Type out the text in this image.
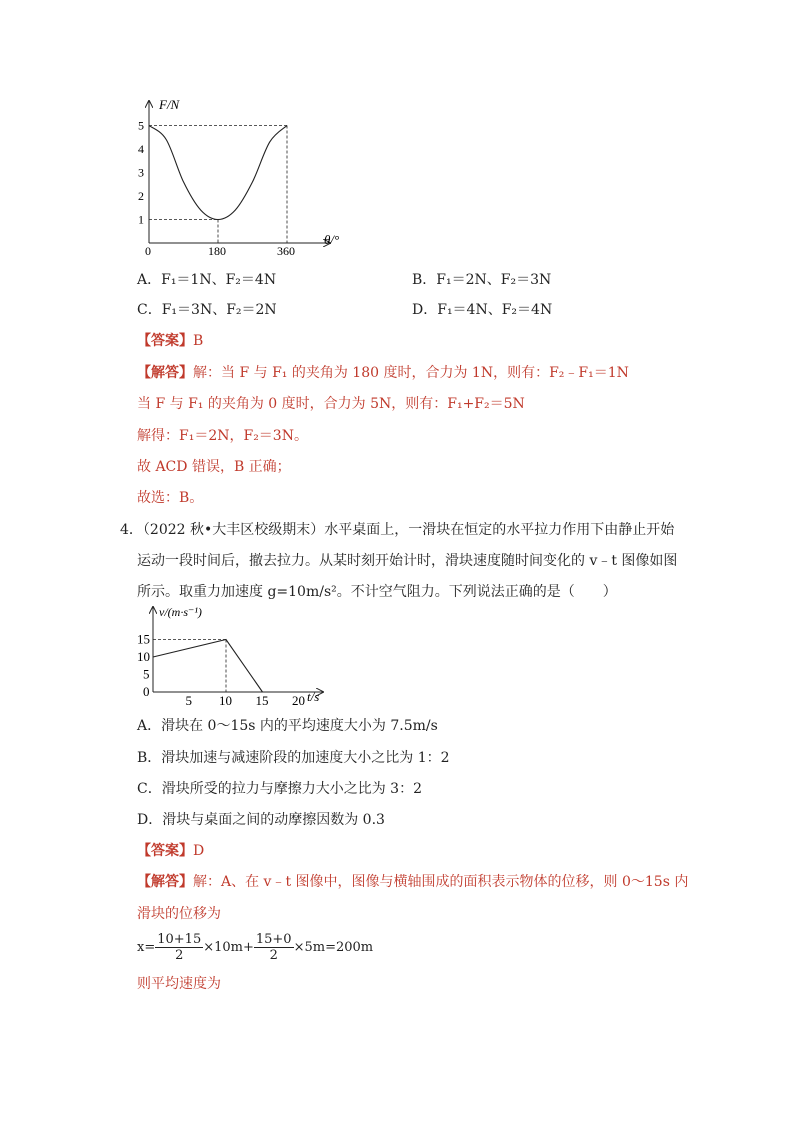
F/N
θ/°
0
1
2
3
4
5
180	360
A．F₁＝1N、F₂＝4N	B．F₁＝2N、F₂＝3N
C．F₁＝3N、F₂＝2N	D．F₁＝4N、F₂＝4N
【答案】B
【解答】解：当 F 与 F₁ 的夹角为 180 度时，合力为 1N，则有：F₂﹣F₁＝1N
当 F 与 F₁ 的夹角为 0 度时，合力为 5N，则有：F₁+F₂＝5N
解得：F₁＝2N，F₂＝3N。
故 ACD 错误，B 正确；
故选：B。
4．（2022 秋•大丰区校级期末）水平桌面上，一滑块在恒定的水平拉力作用下由静止开始
运动一段时间后，撤去拉力。从某时刻开始计时，滑块速度随时间变化的 v﹣t 图像如图
所示。取重力加速度 g=10m/s²。不计空气阻力。下列说法正确的是（　　）
v/(m·s⁻¹)
t/s
0
5
10
15
5 10 15 20
A．滑块在 0～15s 内的平均速度大小为 7.5m/s
B．滑块加速与减速阶段的加速度大小之比为 1：2
C．滑块所受的拉力与摩擦力大小之比为 3：2
D．滑块与桌面之间的动摩擦因数为 0.3
【答案】D
【解答】解：A、在 v﹣t 图像中，图像与横轴围成的面积表示物体的位移，则 0～15s 内
滑块的位移为
$x= \frac{10+15}{2} \times 10m+ \frac{15+0}{2} \times 5m=200m$
则平均速度为
